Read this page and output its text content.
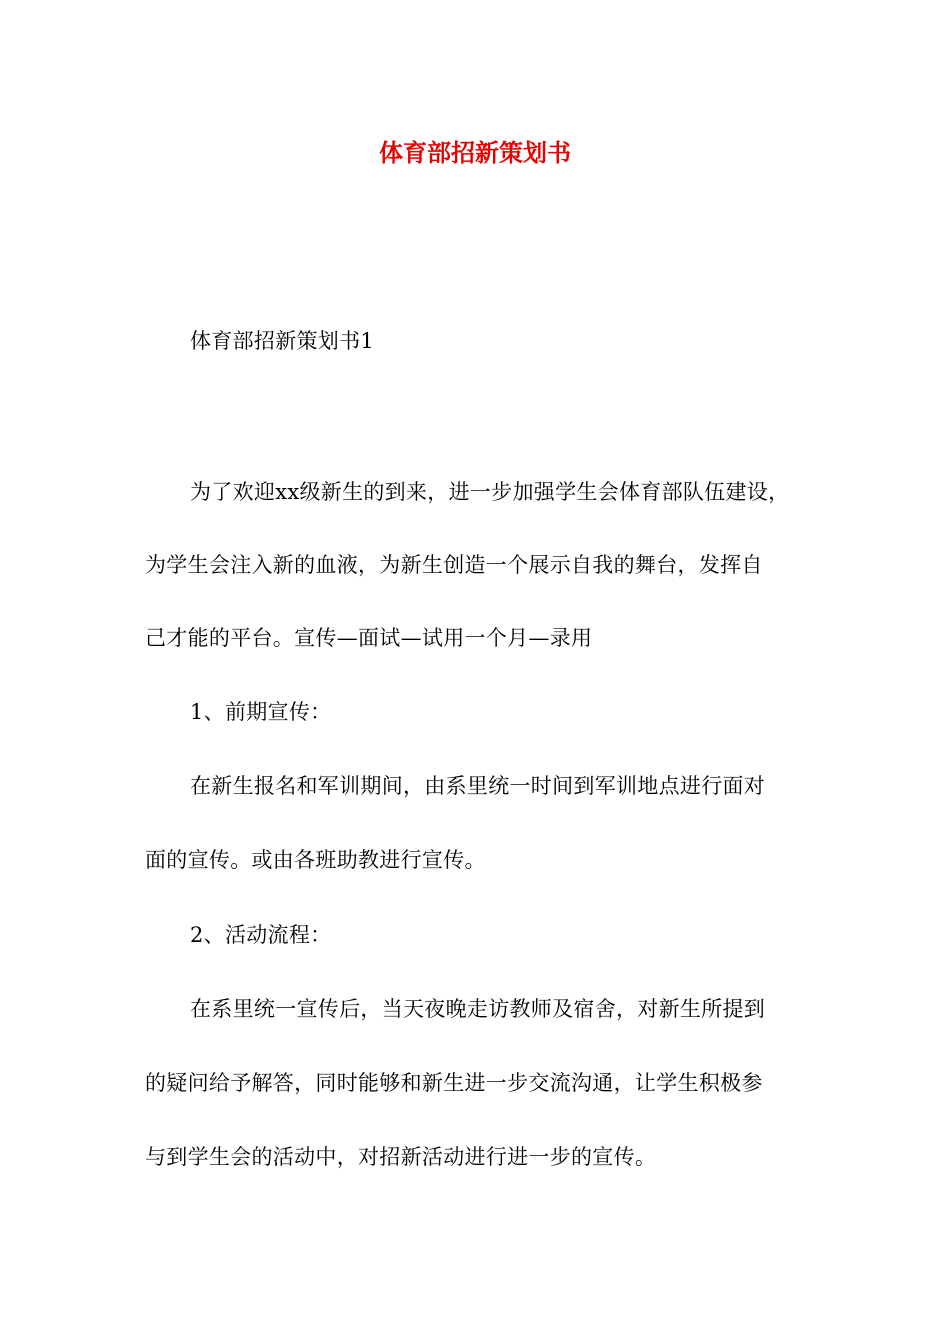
体育部招新策划书
体育部招新策划书1
为了欢迎xx级新生的到来，进一步加强学生会体育部队伍建设，
为学生会注入新的血液，为新生创造一个展示自我的舞台，发挥自
己才能的平台。宣传—面试—试用一个月—录用
1、前期宣传：
在新生报名和军训期间，由系里统一时间到军训地点进行面对
面的宣传。或由各班助教进行宣传。
2、活动流程：
在系里统一宣传后，当天夜晚走访教师及宿舍，对新生所提到
的疑问给予解答，同时能够和新生进一步交流沟通，让学生积极参
与到学生会的活动中，对招新活动进行进一步的宣传。
